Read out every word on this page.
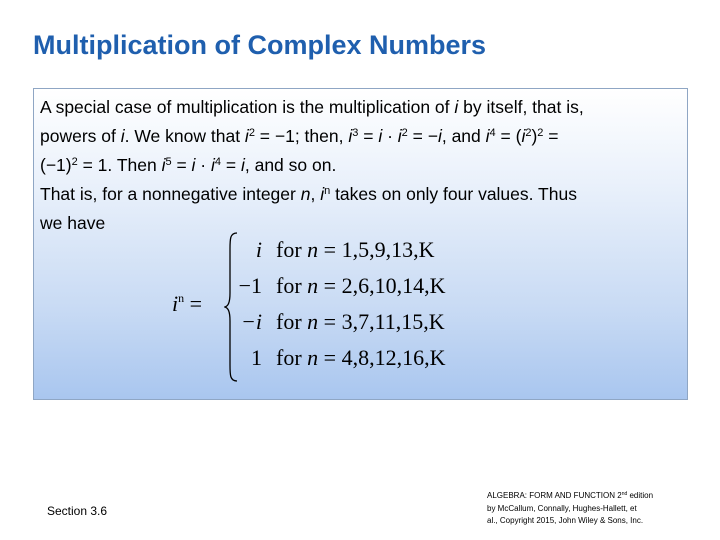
Multiplication of Complex Numbers
A special case of multiplication is the multiplication of i by itself, that is,
powers of i. We know that $i^2 = -1$; then, $i^3 = i \cdot i^2 = -i$, and $i^4 = (i^2)^2$ =
$(-1)^2 = 1$. Then $i^5 = i \cdot i^4 = i$, and so on.
That is, for a nonnegative integer n, $i^n$ takes on only four values. Thus
we have
$i^n$ =
i for n = 1,5,9,13,K
−1 for n = 2,6,10,14,K
−i for n = 3,7,11,15,K
1 for n = 4,8,12,16,K
Section 3.6
ALGEBRA: FORM AND FUNCTION 2nd edition
by McCallum, Connally, Hughes-Hallett, et
al., Copyright 2015, John Wiley & Sons, Inc.
